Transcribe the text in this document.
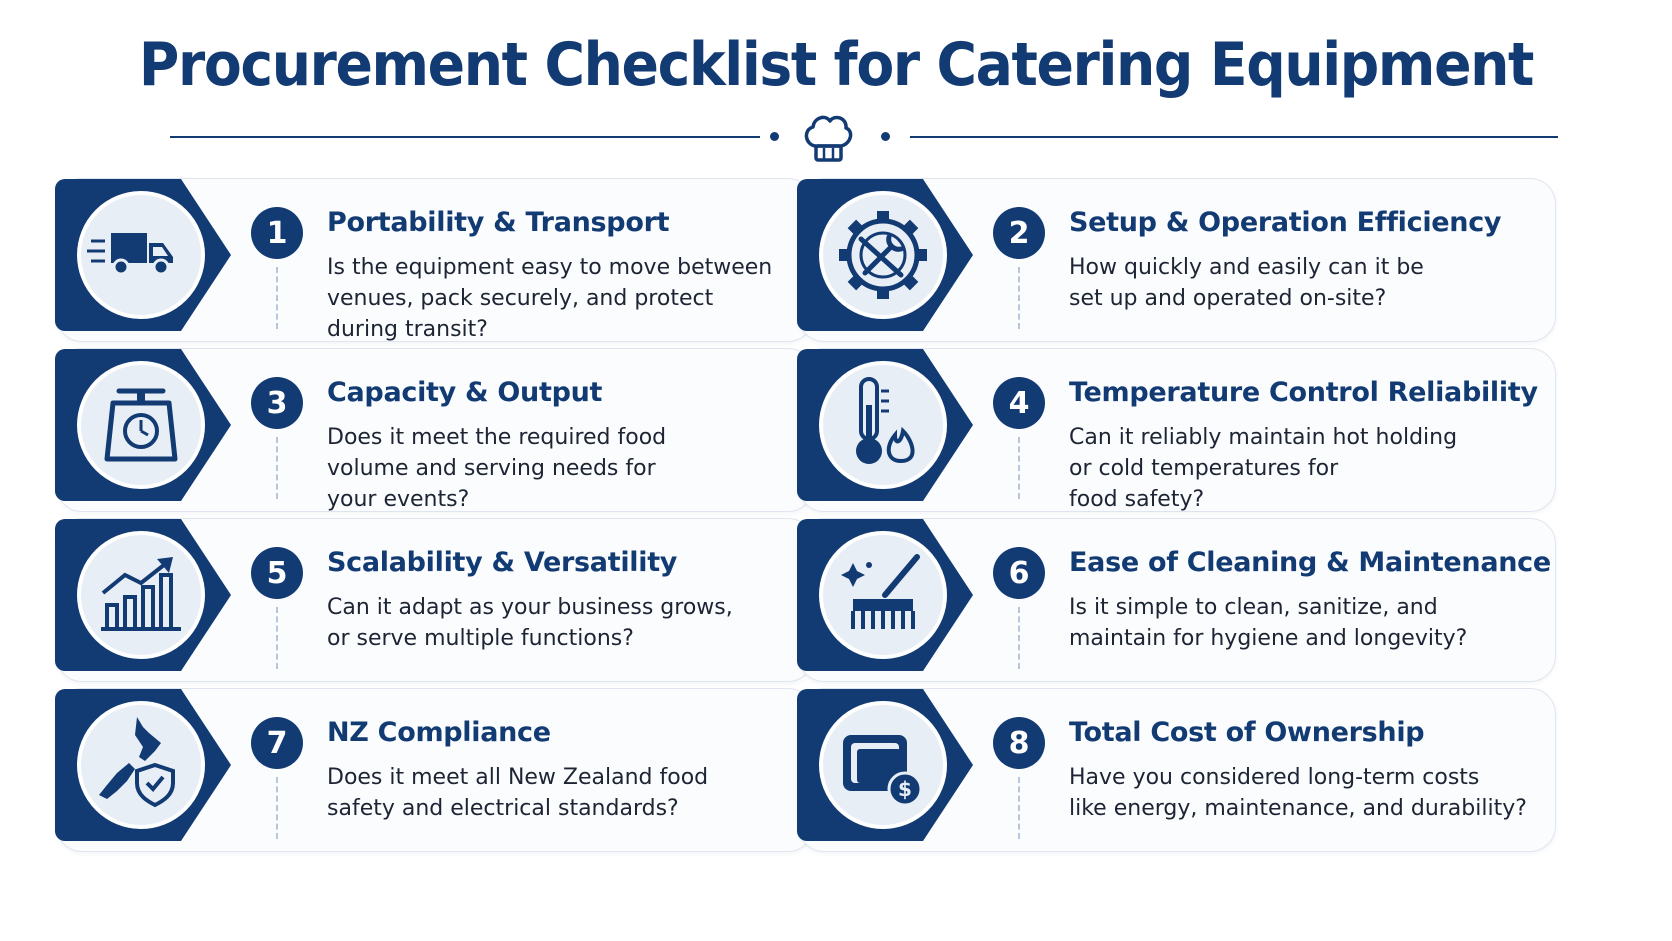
Procurement Checklist for Catering Equipment
1	Portability & Transport
Is the equipment easy to move between
venues, pack securely, and protect
during transit?
2	Setup & Operation Efficiency
How quickly and easily can it be
set up and operated on-site?
3	Capacity & Output
Does it meet the required food
volume and serving needs for
your events?
4	Temperature Control Reliability
Can it reliably maintain hot holding
or cold temperatures for
food safety?
5	Scalability & Versatility
Can it adapt as your business grows,
or serve multiple functions?
6	Ease of Cleaning & Maintenance
Is it simple to clean, sanitize, and
maintain for hygiene and longevity?
7	NZ Compliance
Does it meet all New Zealand food
safety and electrical standards?
$
8	Total Cost of Ownership
Have you considered long-term costs
like energy, maintenance, and durability?
